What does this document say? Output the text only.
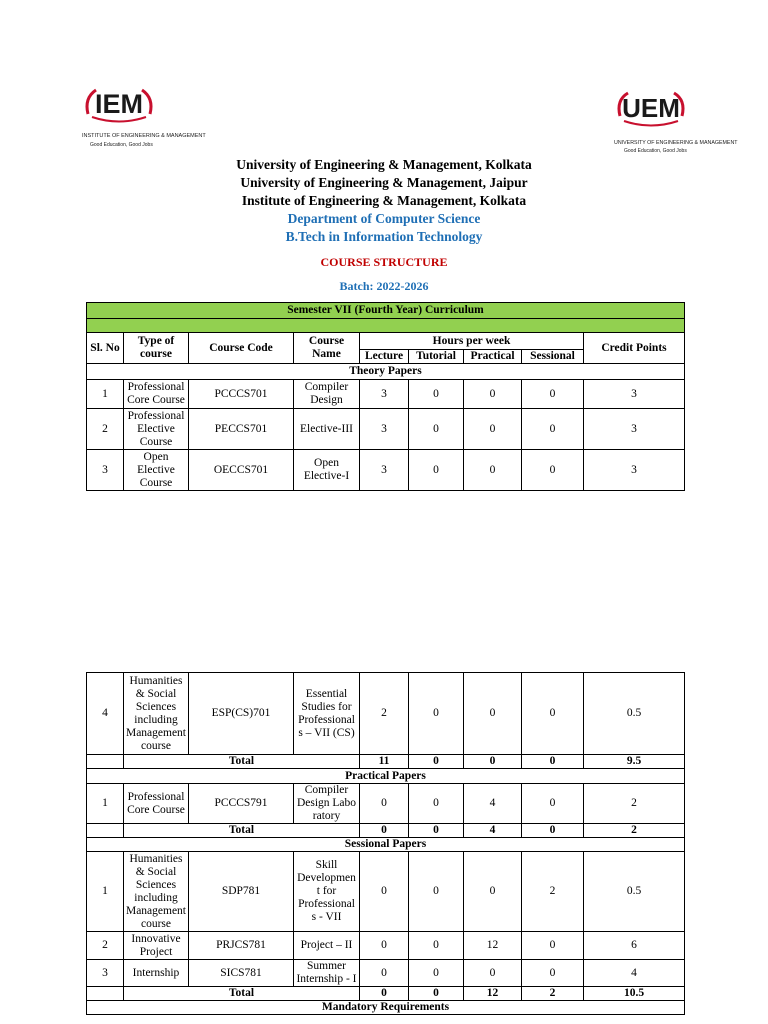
IEM
INSTITUTE OF ENGINEERING & MANAGEMENT
Good Education, Good Jobs
UEM
UNIVERSITY OF ENGINEERING & MANAGEMENT
Good Education, Good Jobs
University of Engineering & Management, Kolkata
University of Engineering & Management, Jaipur
Institute of Engineering & Management, Kolkata
Department of Computer Science
B.Tech in Information Technology
COURSE STRUCTURE
Batch: 2022-2026
Semester VII (Fourth Year) Curriculum								

Sl. No	Type of course	Course Code	Course Name	Hours per week				Credit Points
				Lecture	Tutorial	Practical	Sessional	
Theory Papers								
1	Professional Core Course	PCCCS701	Compiler Design	3	0	0	0	3
2	Professional Elective Course	PECCS701	Elective-III	3	0	0	0	3
3	Open Elective Course	OECCS701	Open Elective-I	3	0	0	0	3
4	Humanities & Social Sciences including Management course	ESP(CS)701	Essential Studies for Professional s – VII (CS)	2	0	0	0	0.5
	Total			11	0	0	0	9.5
Practical Papers								
1	Professional Core Course	PCCCS791	Compiler Design Labo ratory	0	0	4	0	2
	Total			0	0	4	0	2
Sessional Papers								
1	Humanities & Social Sciences including Management course	SDP781	Skill Developmen t for Professional s - VII	0	0	0	2	0.5
2	Innovative Project	PRJCS781	Project – II	0	0	12	0	6
3	Internship	SICS781	Summer Internship - I	0	0	0	0	4
	Total			0	0	12	2	10.5
Mandatory Requirements								
